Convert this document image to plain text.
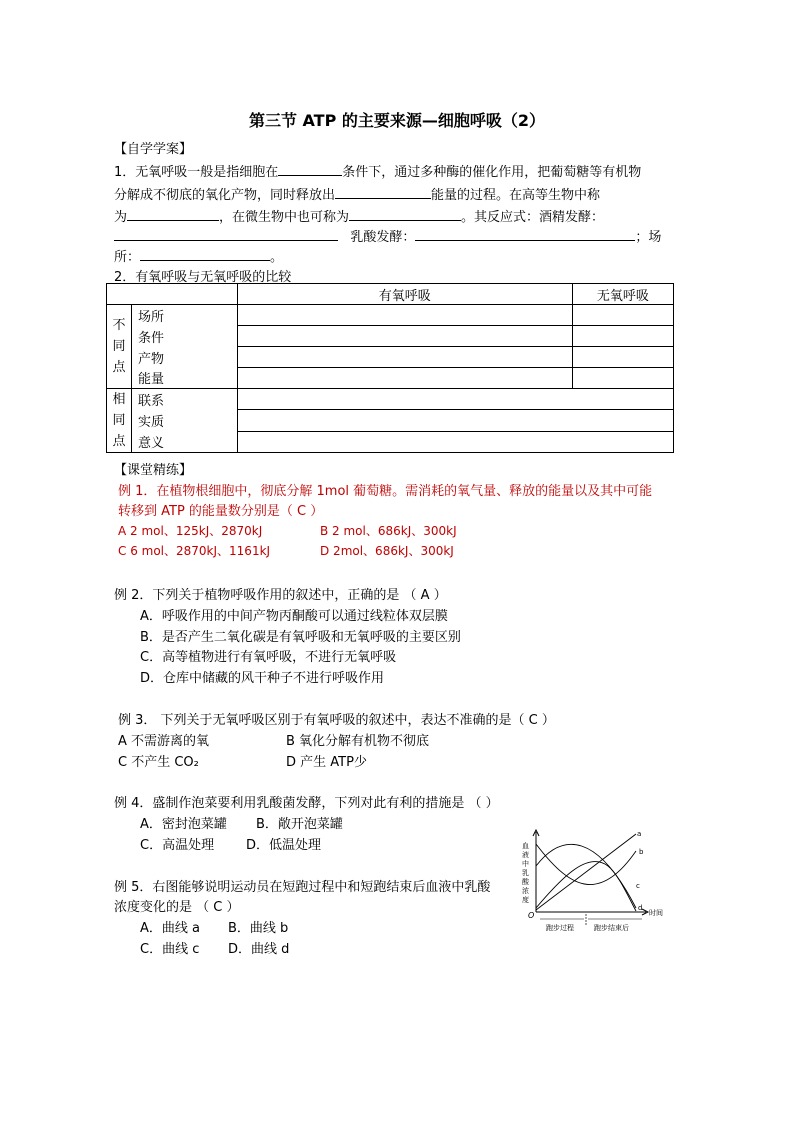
第三节 ATP 的主要来源—细胞呼吸（2）
【自学学案】
1．无氧呼吸一般是指细胞在	条件下，通过多种酶的催化作用，把葡萄糖等有机物
分解成不彻底的氧化产物，同时释放出	能量的过程。在高等生物中称
为	，在微生物中也可称为	。其反应式：酒精发酵：
乳酸发酵：	；场
所：	。
2．有氧呼吸与无氧呼吸的比较
		有氧呼吸	无氧呼吸
不
同
点	场所		
	条件		
	产物		
	能量		
相
同
点	联系		
	实质		
	意义		
【课堂精练】
例 1．在植物根细胞中，彻底分解 1mol 葡萄糖。需消耗的氧气量、释放的能量以及其中可能
转移到 ATP 的能量数分别是（ C ）
A 2 mol、125kJ、2870kJ	B 2 mol、686kJ、300kJ
C 6 mol、2870kJ、1161kJ	D 2mol、686kJ、300kJ
例 2．下列关于植物呼吸作用的叙述中，正确的是 （ A ）
A．呼吸作用的中间产物丙酮酸可以通过线粒体双层膜
B．是否产生二氧化碳是有氧呼吸和无氧呼吸的主要区别
C．高等植物进行有氧呼吸，不进行无氧呼吸
D．仓库中储藏的风干种子不进行呼吸作用
例 3． 下列关于无氧呼吸区别于有氧呼吸的叙述中，表达不准确的是（ C ）
A 不需游离的氧	B 氧化分解有机物不彻底
C 不产生 CO₂	D 产生 ATP少
例 4．盛制作泡菜要利用乳酸菌发酵，下列对此有利的措施是 （ ）
A．密封泡菜罐 B．敞开泡菜罐
C．高温处理 D．低温处理
例 5．右图能够说明运动员在短跑过程中和短跑结束后血液中乳酸
浓度变化的是 （ C ）
A．曲线 a B．曲线 b
C．曲线 c D．曲线 d
血
液
中
乳
酸
浓
度
O	时间
a
b
c
d
跑步过程	跑步结束后
